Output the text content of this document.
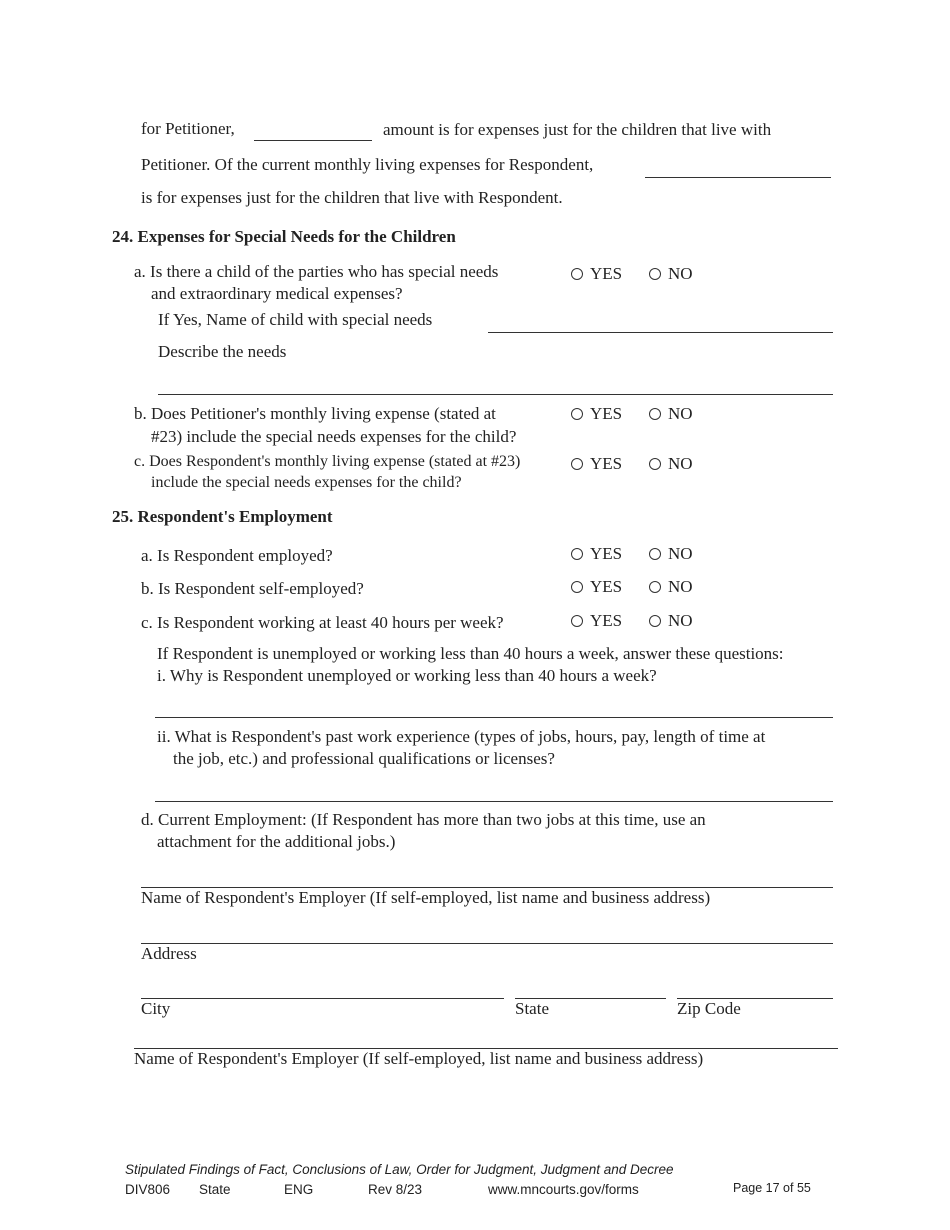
for Petitioner,	amount is for expenses just for the children that live with
Petitioner. Of the current monthly living expenses for Respondent,
is for expenses just for the children that live with Respondent.
24. Expenses for Special Needs for the Children
a. Is there a child of the parties who has special needs
and extraordinary medical expenses?
YES	NO
If Yes, Name of child with special needs
Describe the needs
b. Does Petitioner's monthly living expense (stated at
#23) include the special needs expenses for the child?
YES	NO
c. Does Respondent's monthly living expense (stated at #23)
include the special needs expenses for the child?
YES	NO
25. Respondent's Employment
a. Is Respondent employed?	YES	NO
b. Is Respondent self-employed?	YES	NO
c. Is Respondent working at least 40 hours per week?	YES	NO
If Respondent is unemployed or working less than 40 hours a week, answer these questions:
i. Why is Respondent unemployed or working less than 40 hours a week?
ii. What is Respondent's past work experience (types of jobs, hours, pay, length of time at
the job, etc.) and professional qualifications or licenses?
d. Current Employment: (If Respondent has more than two jobs at this time, use an
attachment for the additional jobs.)
Name of Respondent's Employer (If self-employed, list name and business address)
Address
City	State	Zip Code
Name of Respondent's Employer (If self-employed, list name and business address)
Stipulated Findings of Fact, Conclusions of Law, Order for Judgment, Judgment and Decree
DIV806 State	ENG	Rev 8/23	www.mncourts.gov/forms	Page 17 of 55
